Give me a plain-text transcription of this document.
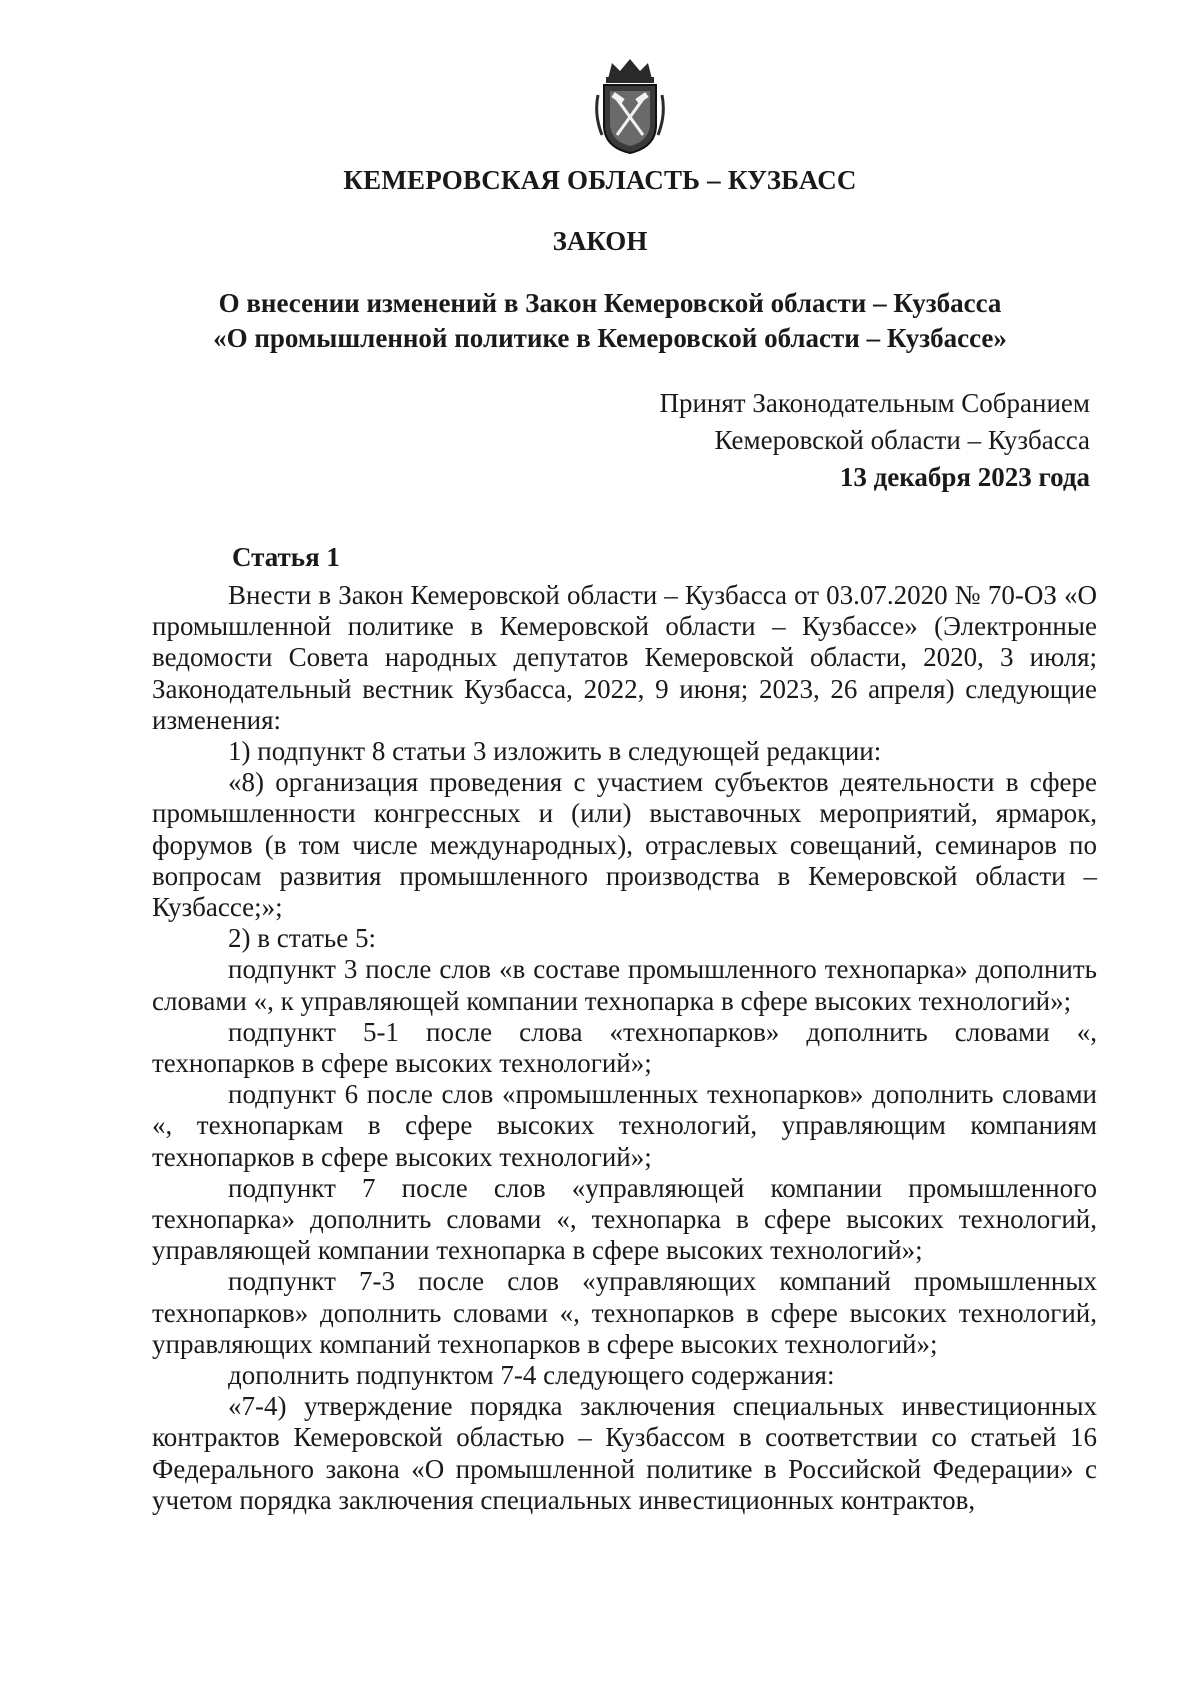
КЕМЕРОВСКАЯ ОБЛАСТЬ – КУЗБАСС
ЗАКОН
О внесении изменений в Закон Кемеровской области – Кузбасса
«О промышленной политике в Кемеровской области – Кузбассе»
Принят Законодательным Собранием
Кемеровской области – Кузбасса
13 декабря 2023 года
Статья 1

Внести в Закон Кемеровской области – Кузбасса от 03.07.2020 № 70-ОЗ «О промышленной политике в Кемеровской области – Кузбассе» (Электронные ведомости Совета народных депутатов Кемеровской области, 2020, 3 июля; Законодательный вестник Кузбасса, 2022, 9 июня; 2023, 26 апреля) следующие изменения:

1) подпункт 8 статьи 3 изложить в следующей редакции:

«8) организация проведения с участием субъектов деятельности в сфере промышленности конгрессных и (или) выставочных мероприятий, ярмарок, форумов (в том числе международных), отраслевых совещаний, семинаров по вопросам развития промышленного производства в Кемеровской области – Кузбассе;»;

2) в статье 5:

подпункт 3 после слов «в составе промышленного технопарка» дополнить словами «, к управляющей компании технопарка в сфере высоких технологий»;

подпункт 5-1 после слова «технопарков» дополнить словами «, технопарков в сфере высоких технологий»;

подпункт 6 после слов «промышленных технопарков» дополнить словами «, технопаркам в сфере высоких технологий, управляющим компаниям технопарков в сфере высоких технологий»;

подпункт 7 после слов «управляющей компании промышленного технопарка» дополнить словами «, технопарка в сфере высоких технологий, управляющей компании технопарка в сфере высоких технологий»;

подпункт 7-3 после слов «управляющих компаний промышленных технопарков» дополнить словами «, технопарков в сфере высоких технологий, управляющих компаний технопарков в сфере высоких технологий»;

дополнить подпунктом 7-4 следующего содержания:

«7-4) утверждение порядка заключения специальных инвестиционных контрактов Кемеровской областью – Кузбассом в соответствии со статьей 16 Федерального закона «О промышленной политике в Российской Федерации» с учетом порядка заключения специальных инвестиционных контрактов,
